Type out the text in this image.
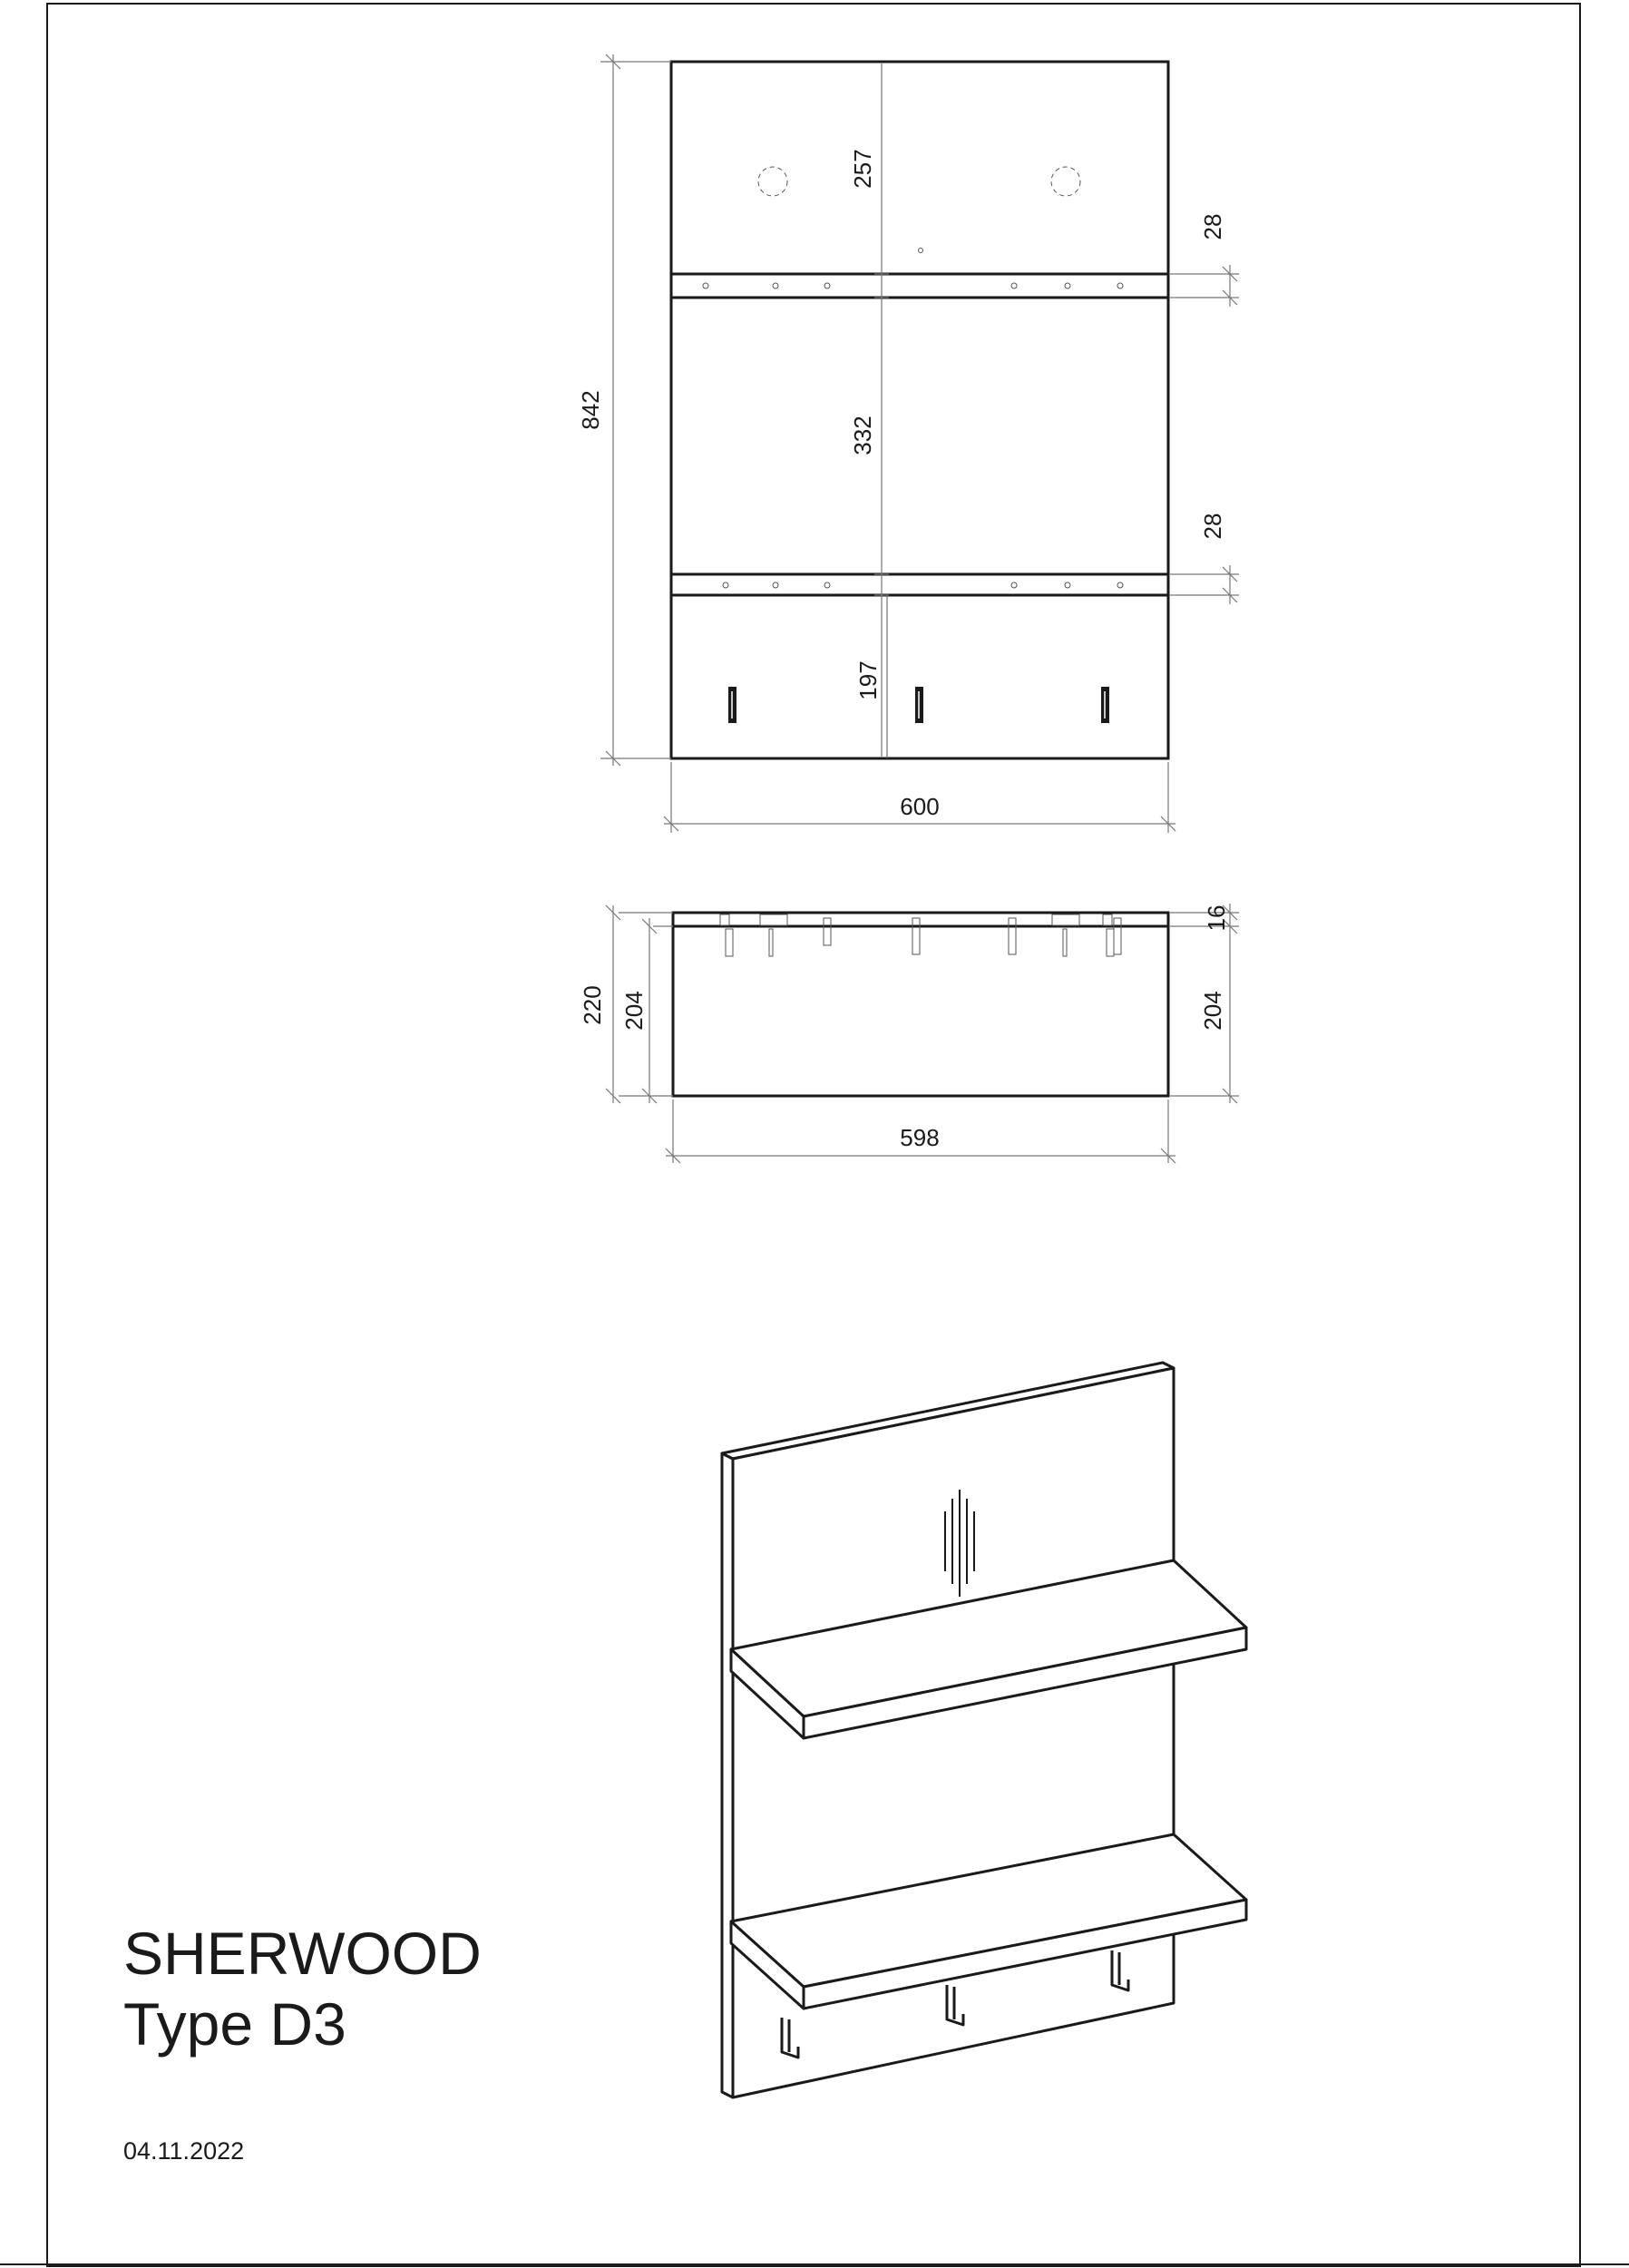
842
257
332
197
28
28
600
220 204	204
16
598
SHERWOOD
Type D3
04.11.2022
